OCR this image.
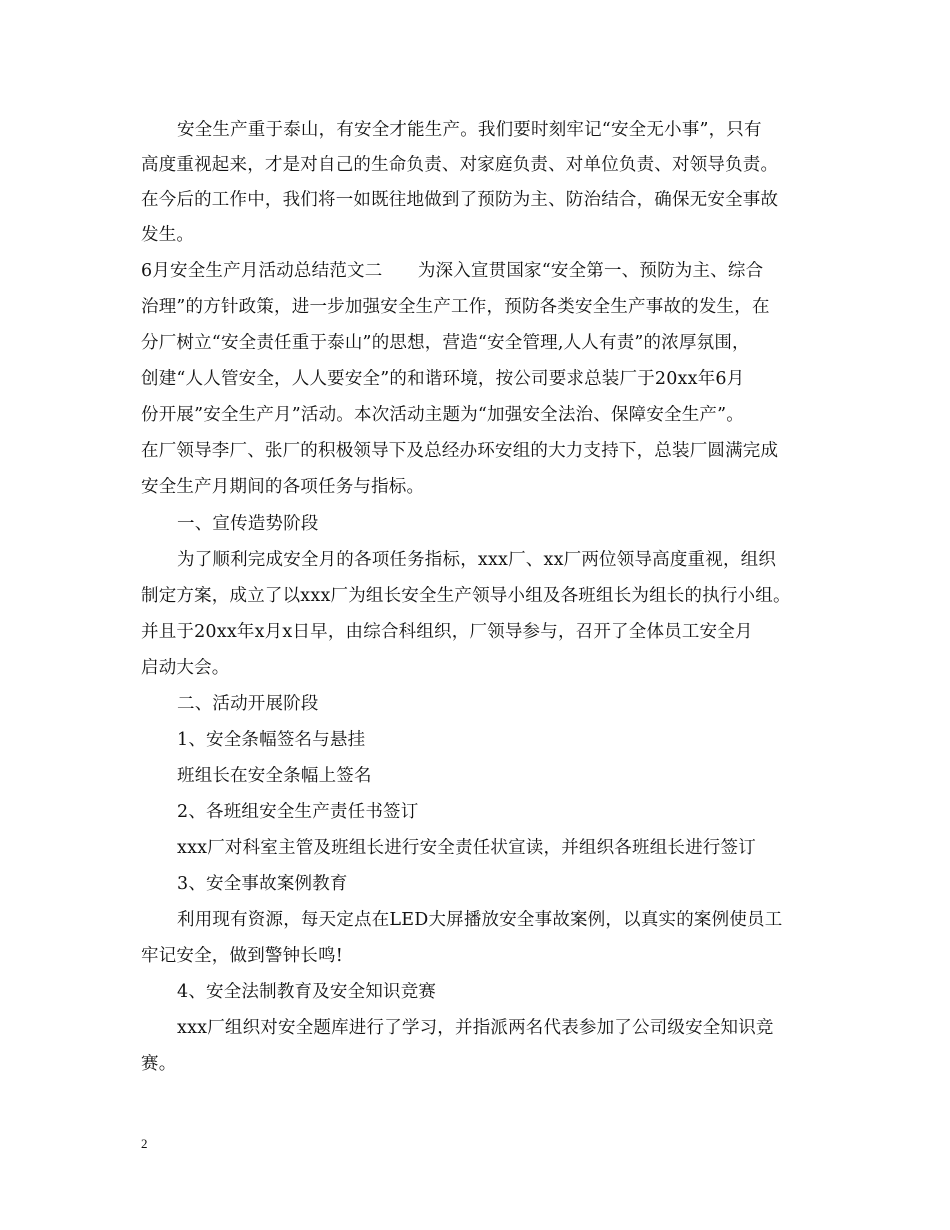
安全生产重于泰山，有安全才能生产。我们要时刻牢记“安全无小事”，只有
高度重视起来，才是对自己的生命负责、对家庭负责、对单位负责、对领导负责。
在今后的工作中，我们将一如既往地做到了预防为主、防治结合，确保无安全事故
发生。
6月安全生产月活动总结范文二　　为深入宣贯国家“安全第一、预防为主、综合
治理”的方针政策，进一步加强安全生产工作，预防各类安全生产事故的发生，在
分厂树立“安全责任重于泰山”的思想，营造“安全管理,人人有责”的浓厚氛围，
创建“人人管安全，人人要安全”的和谐环境，按公司要求总装厂于20xx年6月
份开展”安全生产月”活动。本次活动主题为“加强安全法治、保障安全生产”。
在厂领导李厂、张厂的积极领导下及总经办环安组的大力支持下，总装厂圆满完成
安全生产月期间的各项任务与指标。
一、宣传造势阶段
为了顺利完成安全月的各项任务指标，xxx厂、xx厂两位领导高度重视，组织
制定方案，成立了以xxx厂为组长安全生产领导小组及各班组长为组长的执行小组。
并且于20xx年x月x日早，由综合科组织，厂领导参与，召开了全体员工安全月
启动大会。
二、活动开展阶段
1、安全条幅签名与悬挂
班组长在安全条幅上签名
2、各班组安全生产责任书签订
xxx厂对科室主管及班组长进行安全责任状宣读，并组织各班组长进行签订
3、安全事故案例教育
利用现有资源，每天定点在LED大屏播放安全事故案例，以真实的案例使员工
牢记安全，做到警钟长鸣!
4、安全法制教育及安全知识竞赛
xxx厂组织对安全题库进行了学习，并指派两名代表参加了公司级安全知识竞
赛。
2
